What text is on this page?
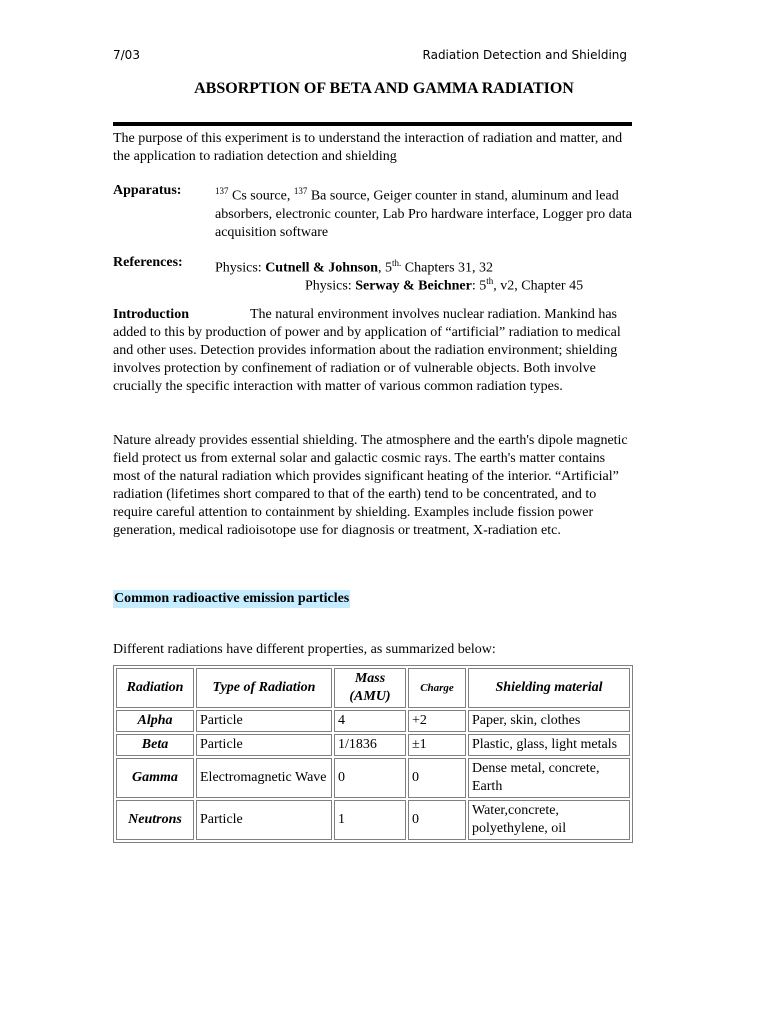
7/03	Radiation Detection and Shielding
ABSORPTION OF BETA AND GAMMA RADIATION
The purpose of this experiment is to understand the interaction of radiation and matter, and the application to radiation detection and shielding
Apparatus:	$^{137}$ Cs source, $^{137}$ Ba source, Geiger counter in stand, aluminum and lead absorbers, electronic counter, Lab Pro hardware interface, Logger pro data acquisition software
References: Physics: Cutnell & Johnson, $5^{th.}$ Chapters 31, 32
Physics: Serway & Beichner: 5th, v2, Chapter 45
Introduction	The natural environment involves nuclear radiation. Mankind has added to this by production of power and by application of “artificial” radiation to medical and other uses. Detection provides information about the radiation environment; shielding involves protection by confinement of radiation or of vulnerable objects. Both involve crucially the specific interaction with matter of various common radiation types.
Nature already provides essential shielding. The atmosphere and the earth's dipole magnetic field protect us from external solar and galactic cosmic rays. The earth's matter contains most of the natural radiation which provides significant heating of the interior. “Artificial” radiation (lifetimes short compared to that of the earth) tend to be concentrated, and to require careful attention to containment by shielding. Examples include fission power generation, medical radioisotope use for diagnosis or treatment, X-radiation etc.
Common radioactive emission particles
Different radiations have different properties, as summarized below:
Radiation	Type of Radiation	Mass (AMU)	Charge	Shielding material
Alpha	Particle	4	+2	Paper, skin, clothes
Beta	Particle	1/1836	±1	Plastic, glass, light metals
Gamma	Electromagnetic Wave	0	0	Dense metal, concrete, Earth
Neutrons	Particle	1	0	Water,concrete, polyethylene, oil
